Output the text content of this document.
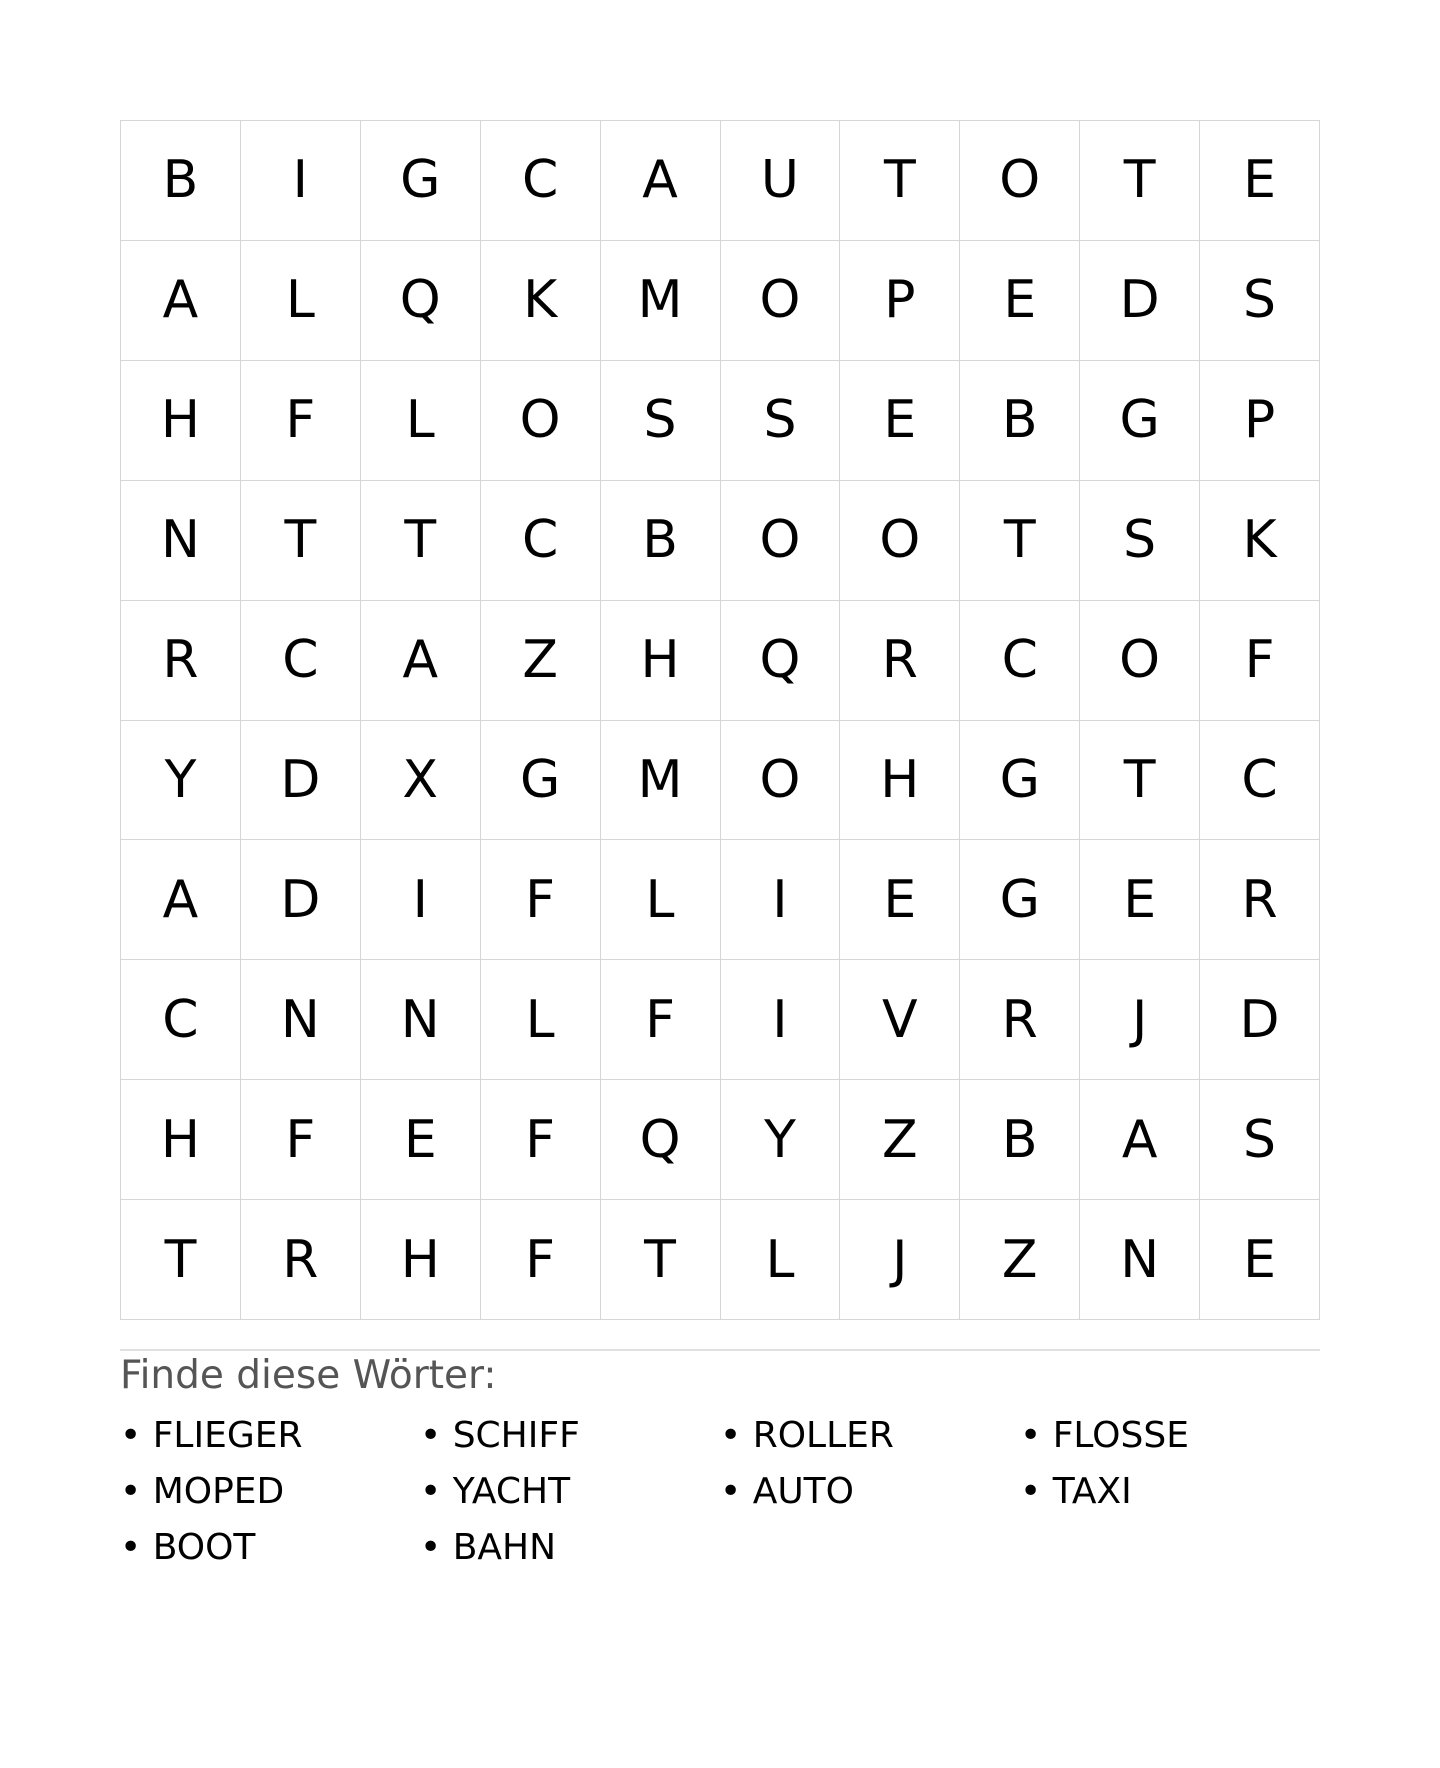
B	I	G	C	A	U	T	O	T	E
A	L	Q	K	M	O	P	E	D	S
H	F	L	O	S	S	E	B	G	P
N	T	T	C	B	O	O	T	S	K
R	C	A	Z	H	Q	R	C	O	F
Y	D	X	G	M	O	H	G	T	C
A	D	I	F	L	I	E	G	E	R
C	N	N	L	F	I	V	R	J	D
H	F	E	F	Q	Y	Z	B	A	S
T	R	H	F	T	L	J	Z	N	E
Finde diese Wörter:
• FLIEGER	• SCHIFF	• ROLLER	• FLOSSE
• MOPED	• YACHT	• AUTO	• TAXI
• BOOT	• BAHN
